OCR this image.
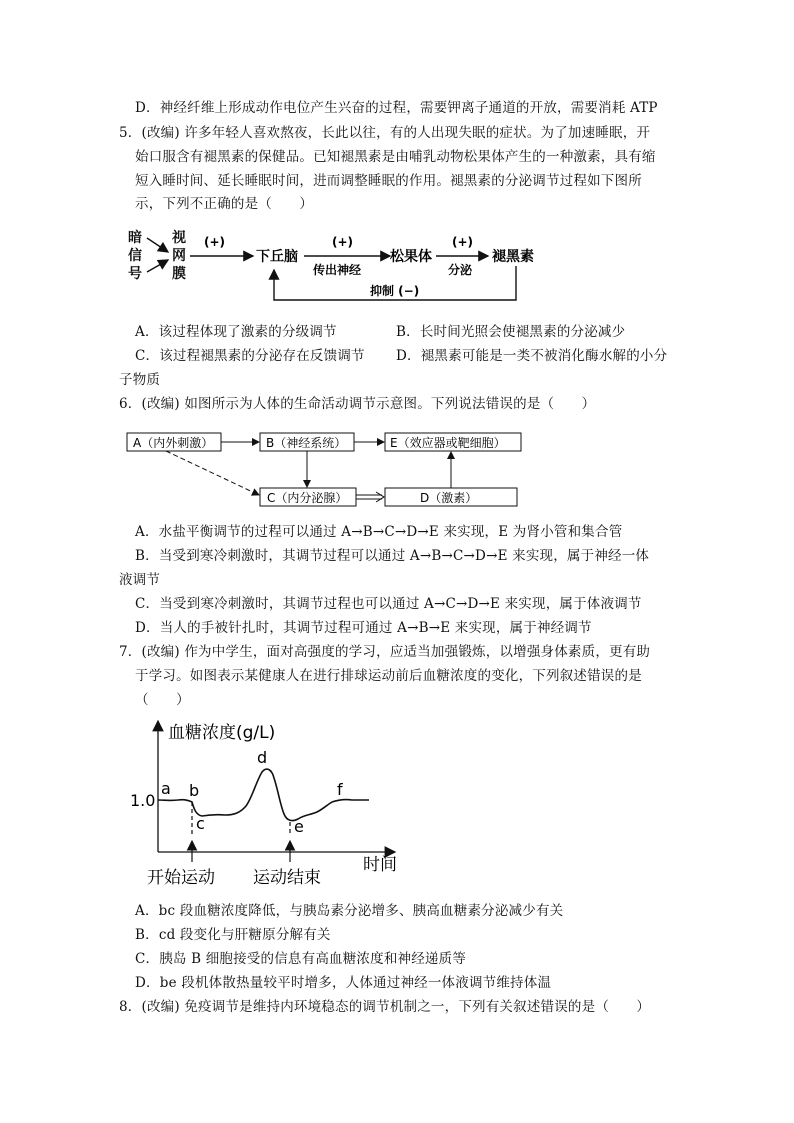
D．神经纤维上形成动作电位产生兴奋的过程，需要钾离子通道的开放，需要消耗 ATP
5．(改编) 许多年轻人喜欢熬夜，长此以往，有的人出现失眠的症状。为了加速睡眠，开
始口服含有褪黑素的保健品。已知褪黑素是由哺乳动物松果体产生的一种激素，具有缩
短入睡时间、延长睡眠时间，进而调整睡眠的作用。褪黑素的分泌调节过程如下图所
示，下列不正确的是（　　）
暗
信
号
视
网
膜
(+)
下丘脑
(+)
传出神经
松果体
(+)
分泌
褪黑素
抑制 (−)
A．该过程体现了激素的分级调节	B．长时间光照会使褪黑素的分泌减少
C．该过程褪黑素的分泌存在反馈调节 D．褪黑素可能是一类不被消化酶水解的小分
子物质
6．(改编) 如图所示为人体的生命活动调节示意图。下列说法错误的是（　　）
A（内外刺激）	B（神经系统）	E（效应器或靶细胞）
C（内分泌腺）	D（激素）
A．水盐平衡调节的过程可以通过 A→B→C→D→E 来实现，E 为肾小管和集合管
B．当受到寒冷刺激时，其调节过程可以通过 A→B→C→D→E 来实现，属于神经一体
液调节
C．当受到寒冷刺激时，其调节过程也可以通过 A→C→D→E 来实现，属于体液调节
D．当人的手被针扎时，其调节过程可通过 A→B→E 来实现，属于神经调节
7．(改编) 作为中学生，面对高强度的学习，应适当加强锻炼，以增强身体素质，更有助
于学习。如图表示某健康人在进行排球运动前后血糖浓度的变化，下列叙述错误的是
（　　）
血糖浓度(g/L)
时间
1.0
a b
c
d
e
f
开始运动 运动结束
A．bc 段血糖浓度降低，与胰岛素分泌增多、胰高血糖素分泌减少有关
B．cd 段变化与肝糖原分解有关
C．胰岛 B 细胞接受的信息有高血糖浓度和神经递质等
D．be 段机体散热量较平时增多，人体通过神经一体液调节维持体温
8．(改编) 免疫调节是维持内环境稳态的调节机制之一，下列有关叙述错误的是（　　）
